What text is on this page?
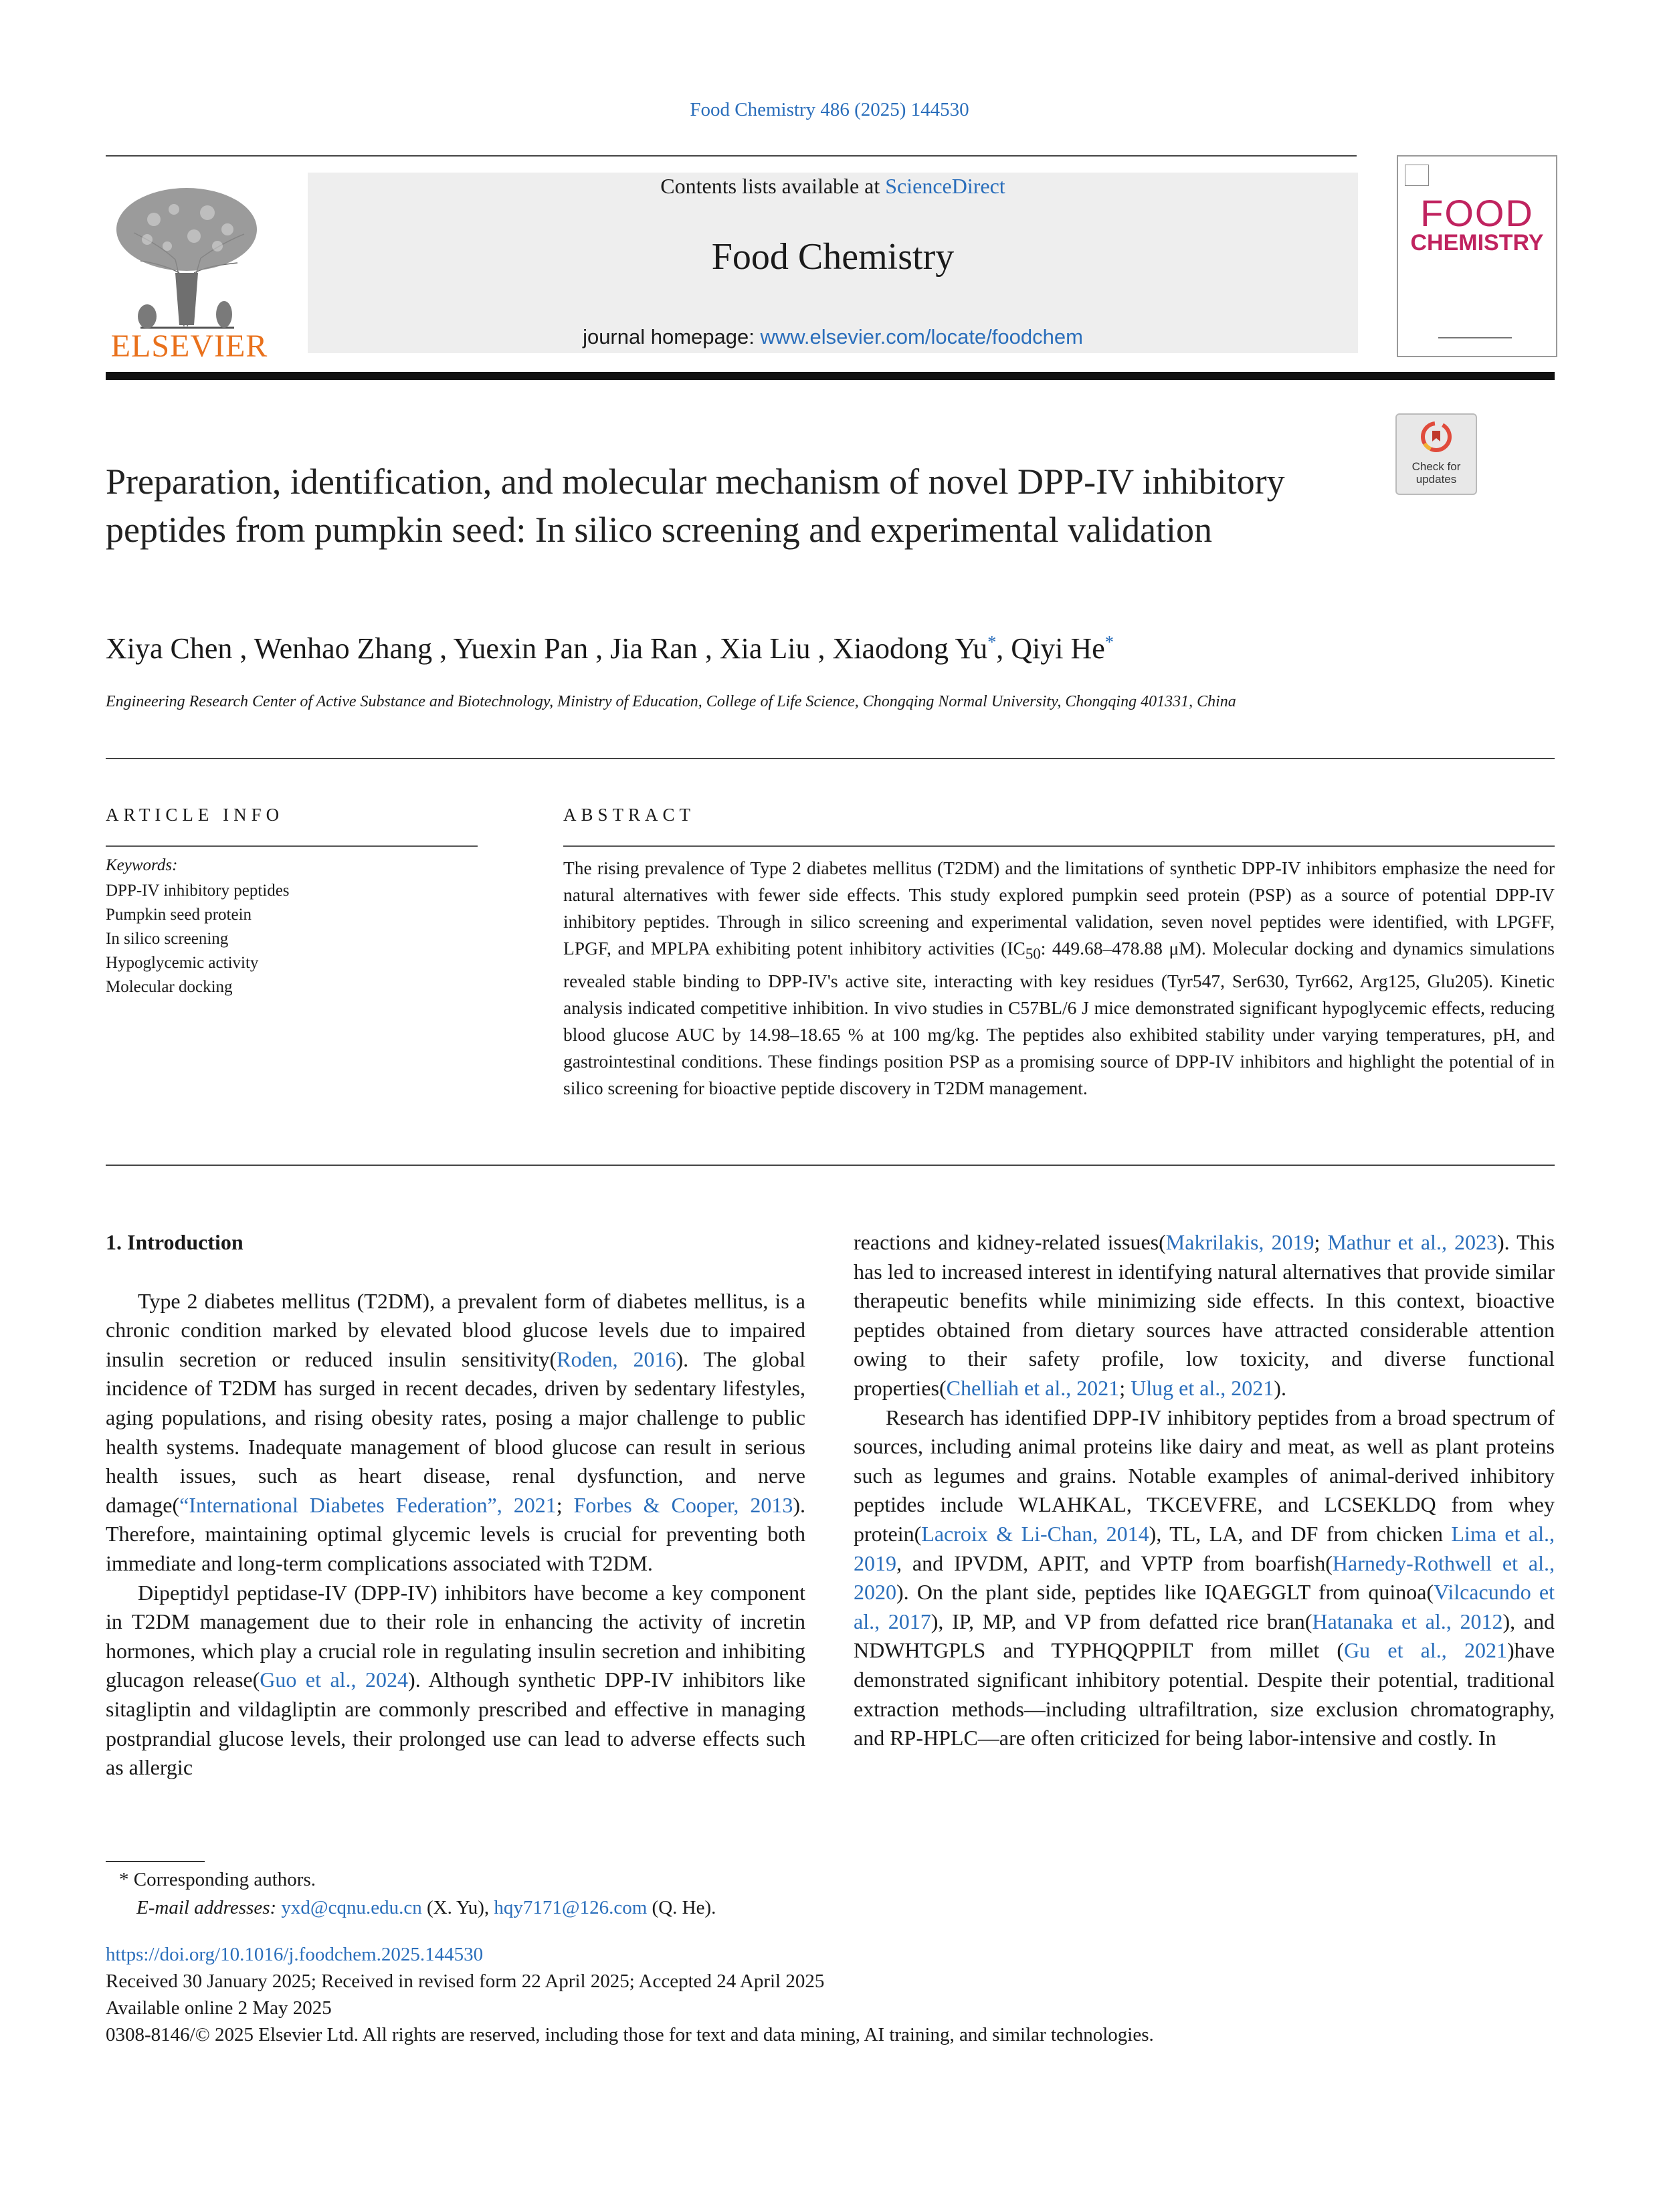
Food Chemistry 486 (2025) 144530
ELSEVIER
Contents lists available at ScienceDirect
Food Chemistry
journal homepage: www.elsevier.com/locate/foodchem
FOOD
CHEMISTRY
Check for
updates
Preparation, identification, and molecular mechanism of novel DPP-IV inhibitory peptides from pumpkin seed: In silico screening and experimental validation
Xiya Chen , Wenhao Zhang , Yuexin Pan , Jia Ran , Xia Liu , Xiaodong Yu*, Qiyi He*
Engineering Research Center of Active Substance and Biotechnology, Ministry of Education, College of Life Science, Chongqing Normal University, Chongqing 401331, China
ARTICLE INFO
Keywords:
DPP-IV inhibitory peptides
Pumpkin seed protein
In silico screening
Hypoglycemic activity
Molecular docking
ABSTRACT
The rising prevalence of Type 2 diabetes mellitus (T2DM) and the limitations of synthetic DPP-IV inhibitors emphasize the need for natural alternatives with fewer side effects. This study explored pumpkin seed protein (PSP) as a source of potential DPP-IV inhibitory peptides. Through in silico screening and experimental validation, seven novel peptides were identified, with LPGFF, LPGF, and MPLPA exhibiting potent inhibitory activities ($IC_{50}$: 449.68–478.88 μM). Molecular docking and dynamics simulations revealed stable binding to DPP-IV's active site, interacting with key residues (Tyr547, Ser630, Tyr662, Arg125, Glu205). Kinetic analysis indicated competitive inhibition. In vivo studies in C57BL/6 J mice demonstrated significant hypoglycemic effects, reducing blood glucose AUC by 14.98–18.65 % at 100 mg/kg. The peptides also exhibited stability under varying temperatures, pH, and gastrointestinal conditions. These findings position PSP as a promising source of DPP-IV inhibitors and highlight the potential of in silico screening for bioactive peptide discovery in T2DM management.
1. Introduction

Type 2 diabetes mellitus (T2DM), a prevalent form of diabetes mellitus, is a chronic condition marked by elevated blood glucose levels due to impaired insulin secretion or reduced insulin sensitivity(Roden, 2016). The global incidence of T2DM has surged in recent decades, driven by sedentary lifestyles, aging populations, and rising obesity rates, posing a major challenge to public health systems. Inadequate management of blood glucose can result in serious health issues, such as heart disease, renal dysfunction, and nerve damage(“International Diabetes Federation”, 2021; Forbes & Cooper, 2013). Therefore, maintaining optimal glycemic levels is crucial for preventing both immediate and long-term complications associated with T2DM.

Dipeptidyl peptidase-IV (DPP-IV) inhibitors have become a key component in T2DM management due to their role in enhancing the activity of incretin hormones, which play a crucial role in regulating insulin secretion and inhibiting glucagon release(Guo et al., 2024). Although synthetic DPP-IV inhibitors like sitagliptin and vildagliptin are commonly prescribed and effective in managing postprandial glucose levels, their prolonged use can lead to adverse effects such as allergic

reactions and kidney-related issues(Makrilakis, 2019; Mathur et al., 2023). This has led to increased interest in identifying natural alternatives that provide similar therapeutic benefits while minimizing side effects. In this context, bioactive peptides obtained from dietary sources have attracted considerable attention owing to their safety profile, low toxicity, and diverse functional properties(Chelliah et al., 2021; Ulug et al., 2021).

Research has identified DPP-IV inhibitory peptides from a broad spectrum of sources, including animal proteins like dairy and meat, as well as plant proteins such as legumes and grains. Notable examples of animal-derived inhibitory peptides include WLAHKAL, TKCEVFRE, and LCSEKLDQ from whey protein(Lacroix & Li-Chan, 2014), TL, LA, and DF from chicken Lima et al., 2019, and IPVDM, APIT, and VPTP from boarfish(Harnedy-Rothwell et al., 2020). On the plant side, peptides like IQAEGGLT from quinoa(Vilcacundo et al., 2017), IP, MP, and VP from defatted rice bran(Hatanaka et al., 2012), and NDWHTGPLS and TYPHQQPPILT from millet (Gu et al., 2021)have demonstrated significant inhibitory potential. Despite their potential, traditional extraction methods—including ultrafiltration, size exclusion chromatography, and RP-HPLC—are often criticized for being labor-intensive and costly. In

* Corresponding authors.
E-mail addresses: yxd@cqnu.edu.cn (X. Yu), hqy7171@126.com (Q. He).
https://doi.org/10.1016/j.foodchem.2025.144530
Received 30 January 2025; Received in revised form 22 April 2025; Accepted 24 April 2025
Available online 2 May 2025
0308-8146/© 2025 Elsevier Ltd. All rights are reserved, including those for text and data mining, AI training, and similar technologies.
